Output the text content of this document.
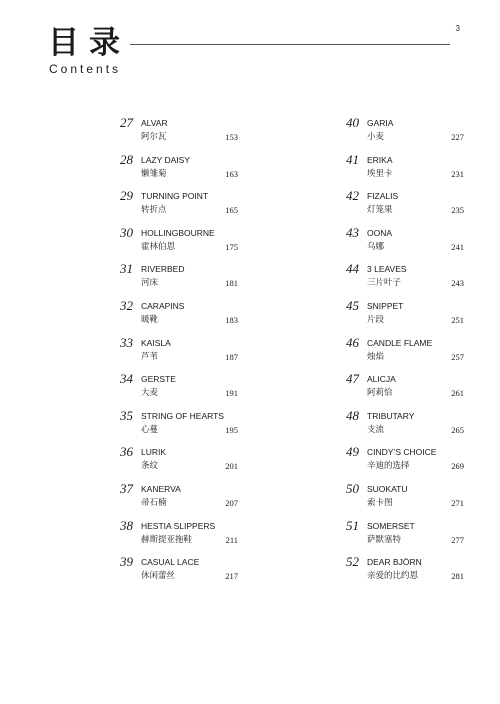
目录
Contents
3
27 ALVAR
阿尔瓦	153
28 LAZY DAISY
懒雏菊	163
29 TURNING POINT
转折点	165
30 HOLLINGBOURNE
霍林伯恩	175
31 RIVERBED
河床	181
32 CARAPINS
暖靴	183
33 KAISLA
芦苇	187
34 GERSTE
大麦	191
35 STRING OF HEARTS
心蔓	195
36 LURIK
条纹	201
37 KANERVA
帚石楠	207
38 HESTIA SLIPPERS
赫斯提亚拖鞋	211
39 CASUAL LACE
休闲蕾丝	217
40 GARIA
小麦	227
41 ERIKA
埃里卡	231
42 FIZALIS
灯笼果	235
43 OONA
乌娜	241
44 3 LEAVES
三片叶子	243
45 SNIPPET
片段	251
46 CANDLE FLAME
烛焰	257
47 ALICJA
阿莉恰	261
48 TRIBUTARY
支流	265
49 CINDY’S CHOICE
辛迪的选择	269
50 SUOKATU
索卡图	271
51 SOMERSET
萨默塞特	277
52 DEAR BJÖRN
亲爱的比约恩	281
